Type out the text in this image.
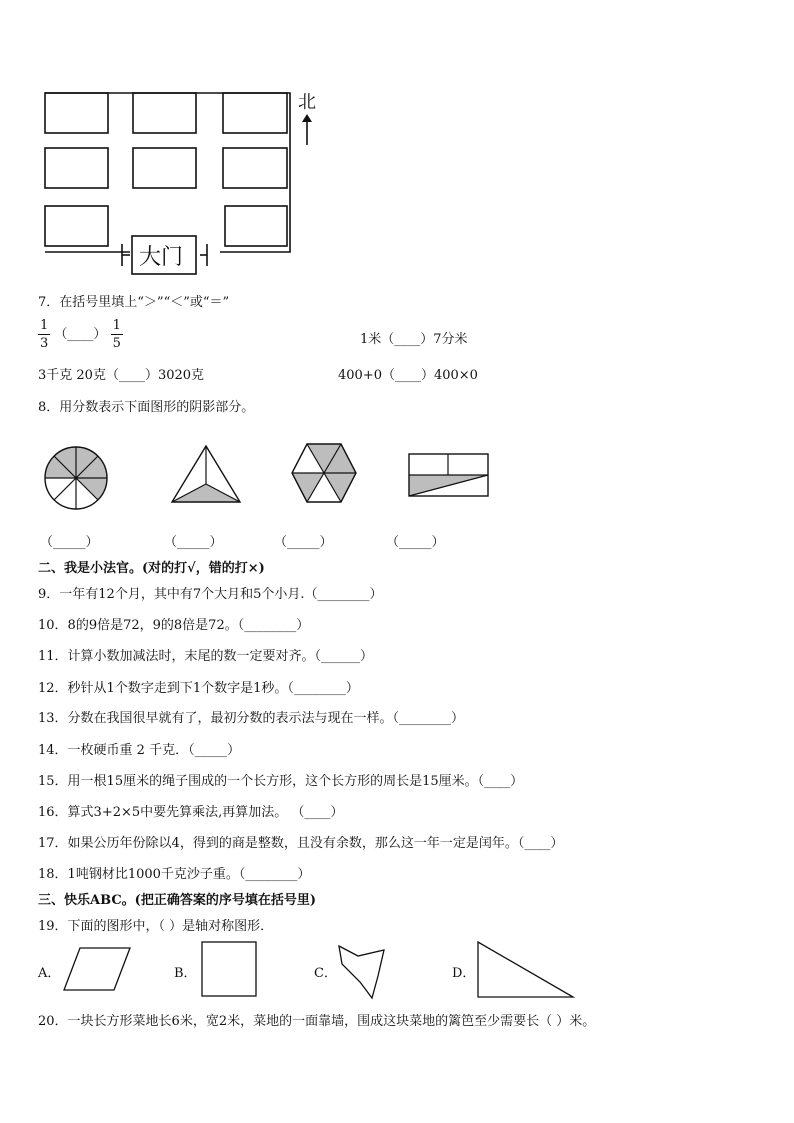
大门
北
7．在括号里填上“＞”“＜”或“＝”
$\frac{1}{3}$ （____） $\frac{1}{5}$	1米（____）7分米
3千克 20克（____）3020克	400+0（____）400×0
8．用分数表示下面图形的阴影部分。
（_____）	（_____）	（_____）	（_____）
二、我是小法官。(对的打√，错的打×)
9．一年有12个月，其中有7个大月和5个小月.（________）
10．8的9倍是72，9的8倍是72。（________）
11．计算小数加减法时，末尾的数一定要对齐。（______）
12．秒针从1个数字走到下1个数字是1秒。（________）
13．分数在我国很早就有了，最初分数的表示法与现在一样。（________）
14．一枚硬币重 2 千克．（_____）
15．用一根15厘米的绳子围成的一个长方形，这个长方形的周长是15厘米。（____）
16．算式3+2×5中要先算乘法,再算加法。 （____）
17．如果公历年份除以4，得到的商是整数，且没有余数，那么这一年一定是闰年。（____）
18．1吨钢材比1000千克沙子重。（________）
三、快乐ABC。(把正确答案的序号填在括号里)
19．下面的图形中，（ ）是轴对称图形．
A．	B．	C．	D．
20．一块长方形菜地长6米，宽2米，菜地的一面靠墙，围成这块菜地的篱笆至少需要长（ ）米。
